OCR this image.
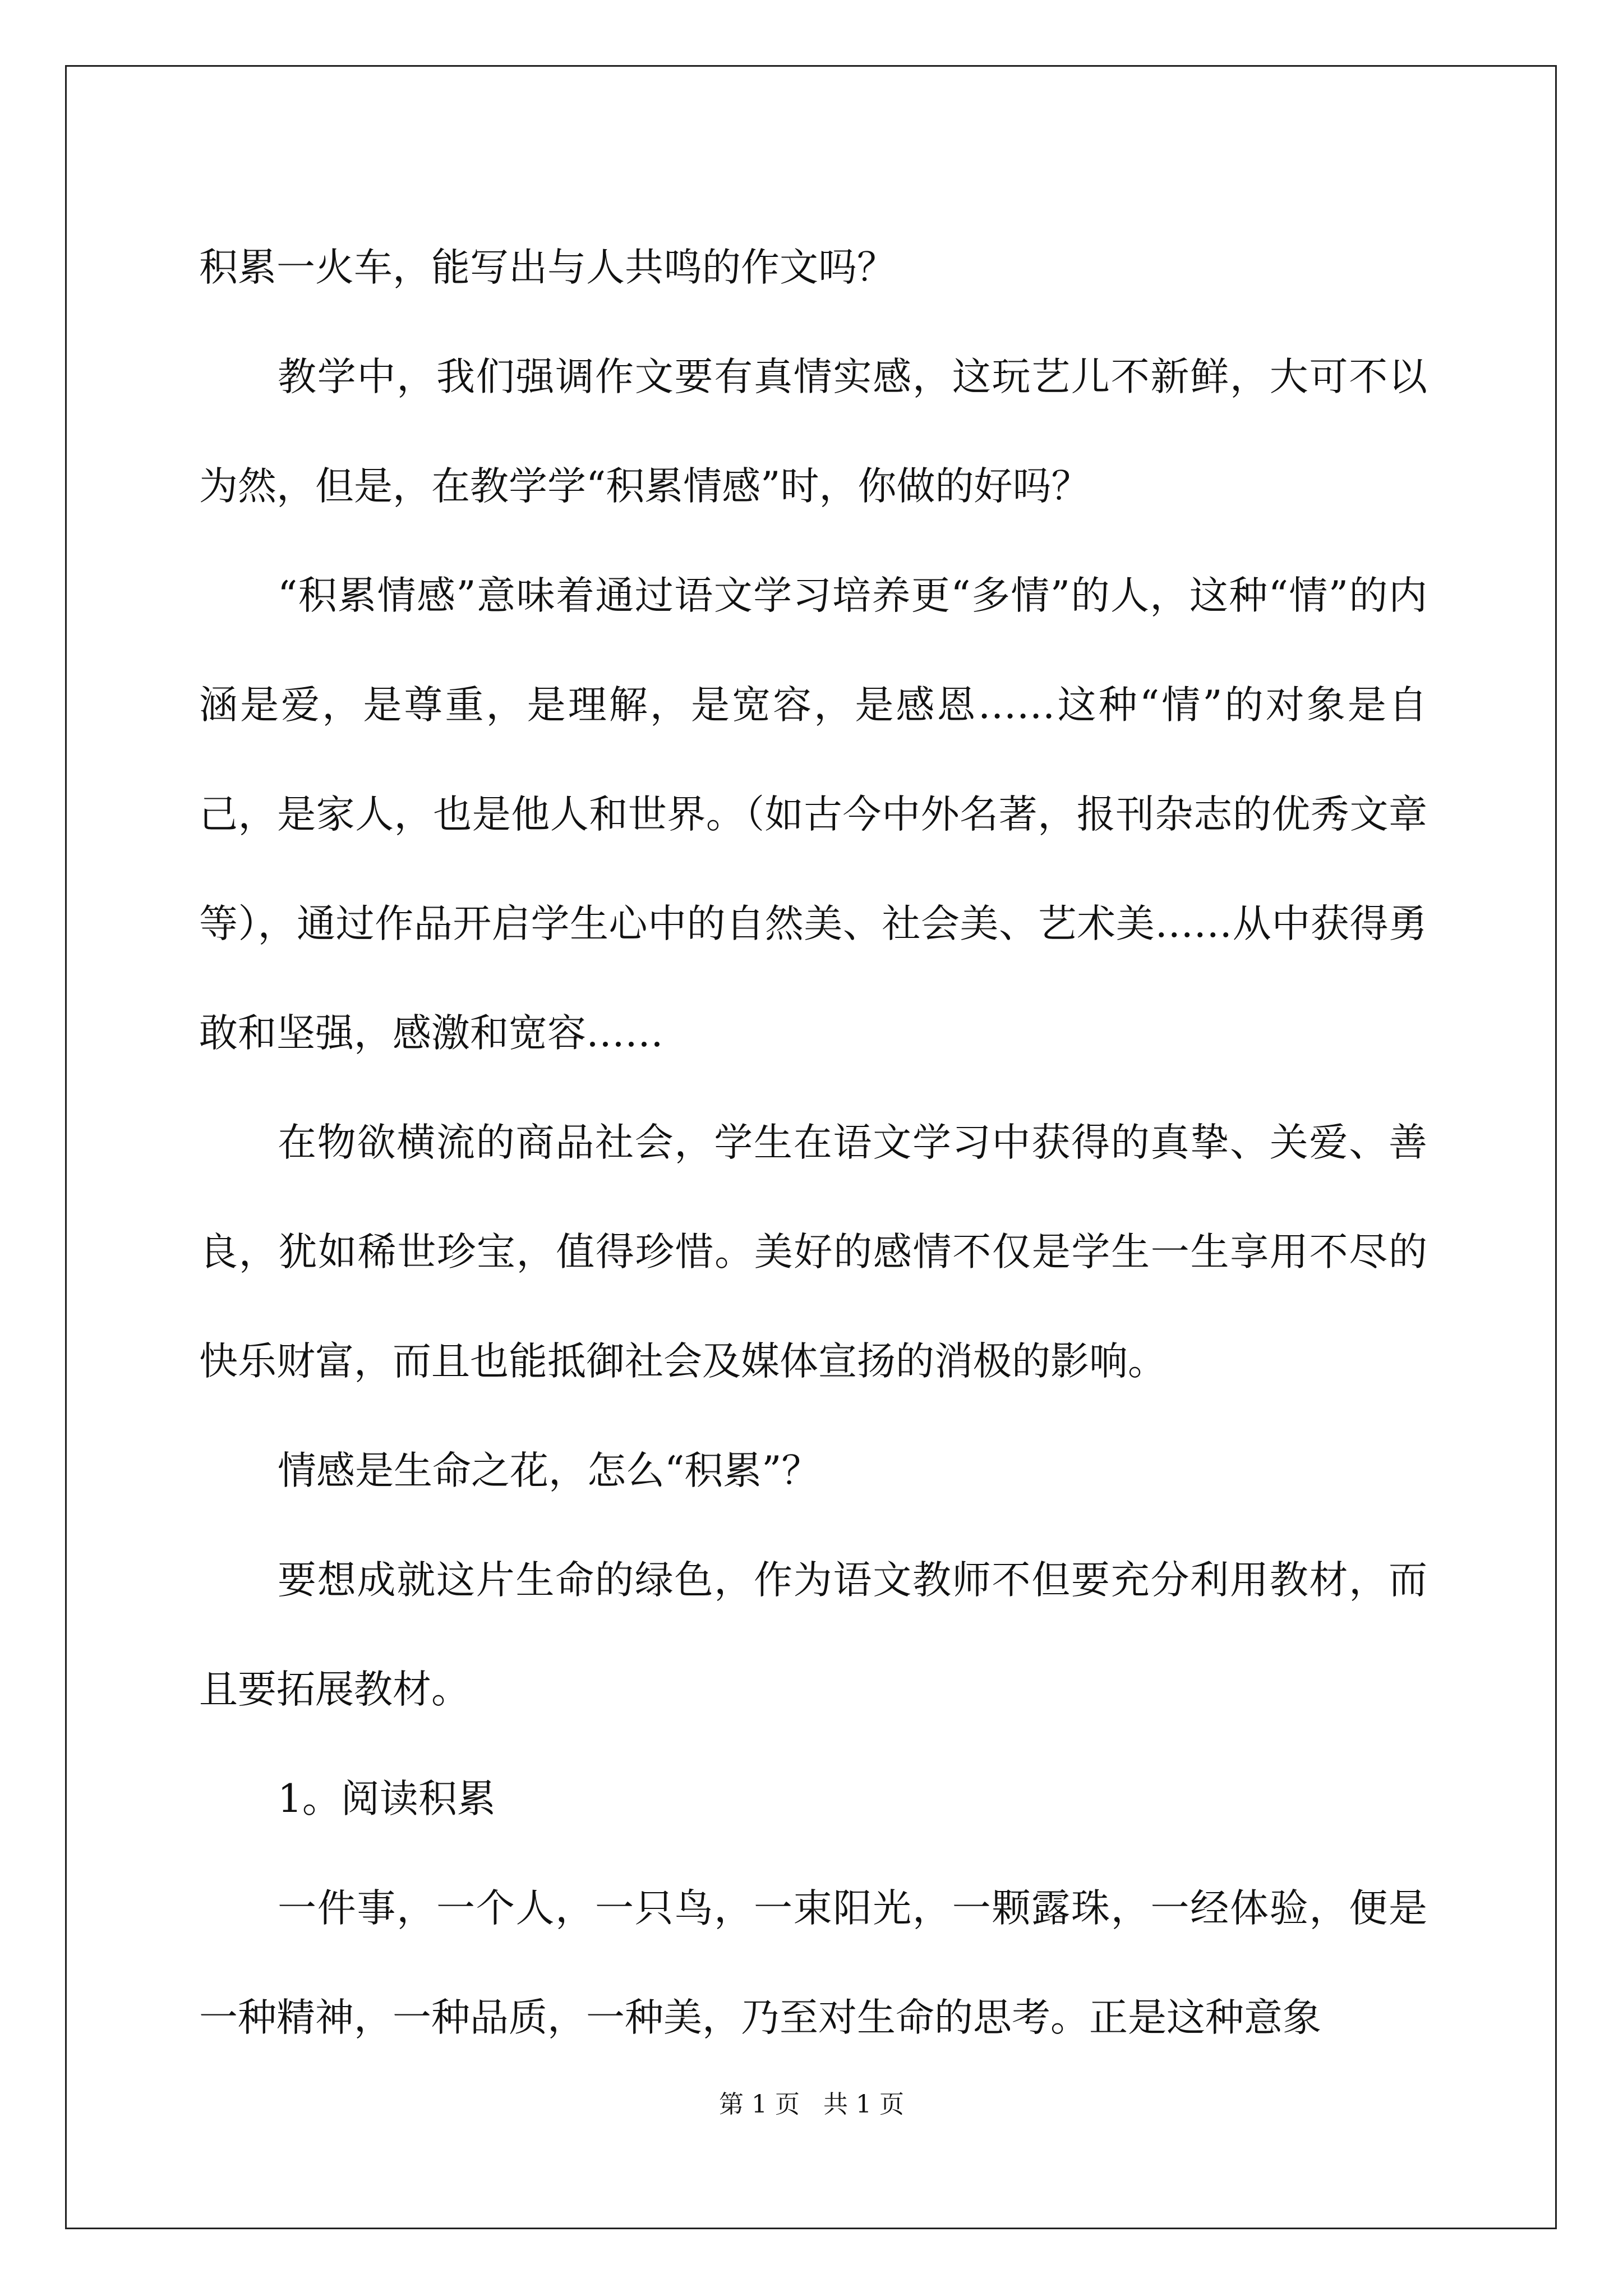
积累一火车，能写出与人共鸣的作文吗？

教学中，我们强调作文要有真情实感，这玩艺儿不新鲜，大可不以为然，但是，在教学学“积累情感”时，你做的好吗？

“积累情感”意味着通过语文学习培养更“多情”的人，这种“情”的内涵是爱，是尊重，是理解，是宽容，是感恩……这种“情”的对象是自己，是家人，也是他人和世界。（如古今中外名著，报刊杂志的优秀文章等），通过作品开启学生心中的自然美、社会美、艺术美……从中获得勇敢和坚强，感激和宽容……

在物欲横流的商品社会，学生在语文学习中获得的真挚、关爱、善良，犹如稀世珍宝，值得珍惜。美好的感情不仅是学生一生享用不尽的快乐财富，而且也能抵御社会及媒体宣扬的消极的影响。

情感是生命之花，怎么“积累”？

要想成就这片生命的绿色，作为语文教师不但要充分利用教材，而且要拓展教材。

1。阅读积累

一件事，一个人，一只鸟，一束阳光，一颗露珠，一经体验，便是一种精神，一种品质，一种美，乃至对生命的思考。正是这种意象

第 1 页   共 1 页
